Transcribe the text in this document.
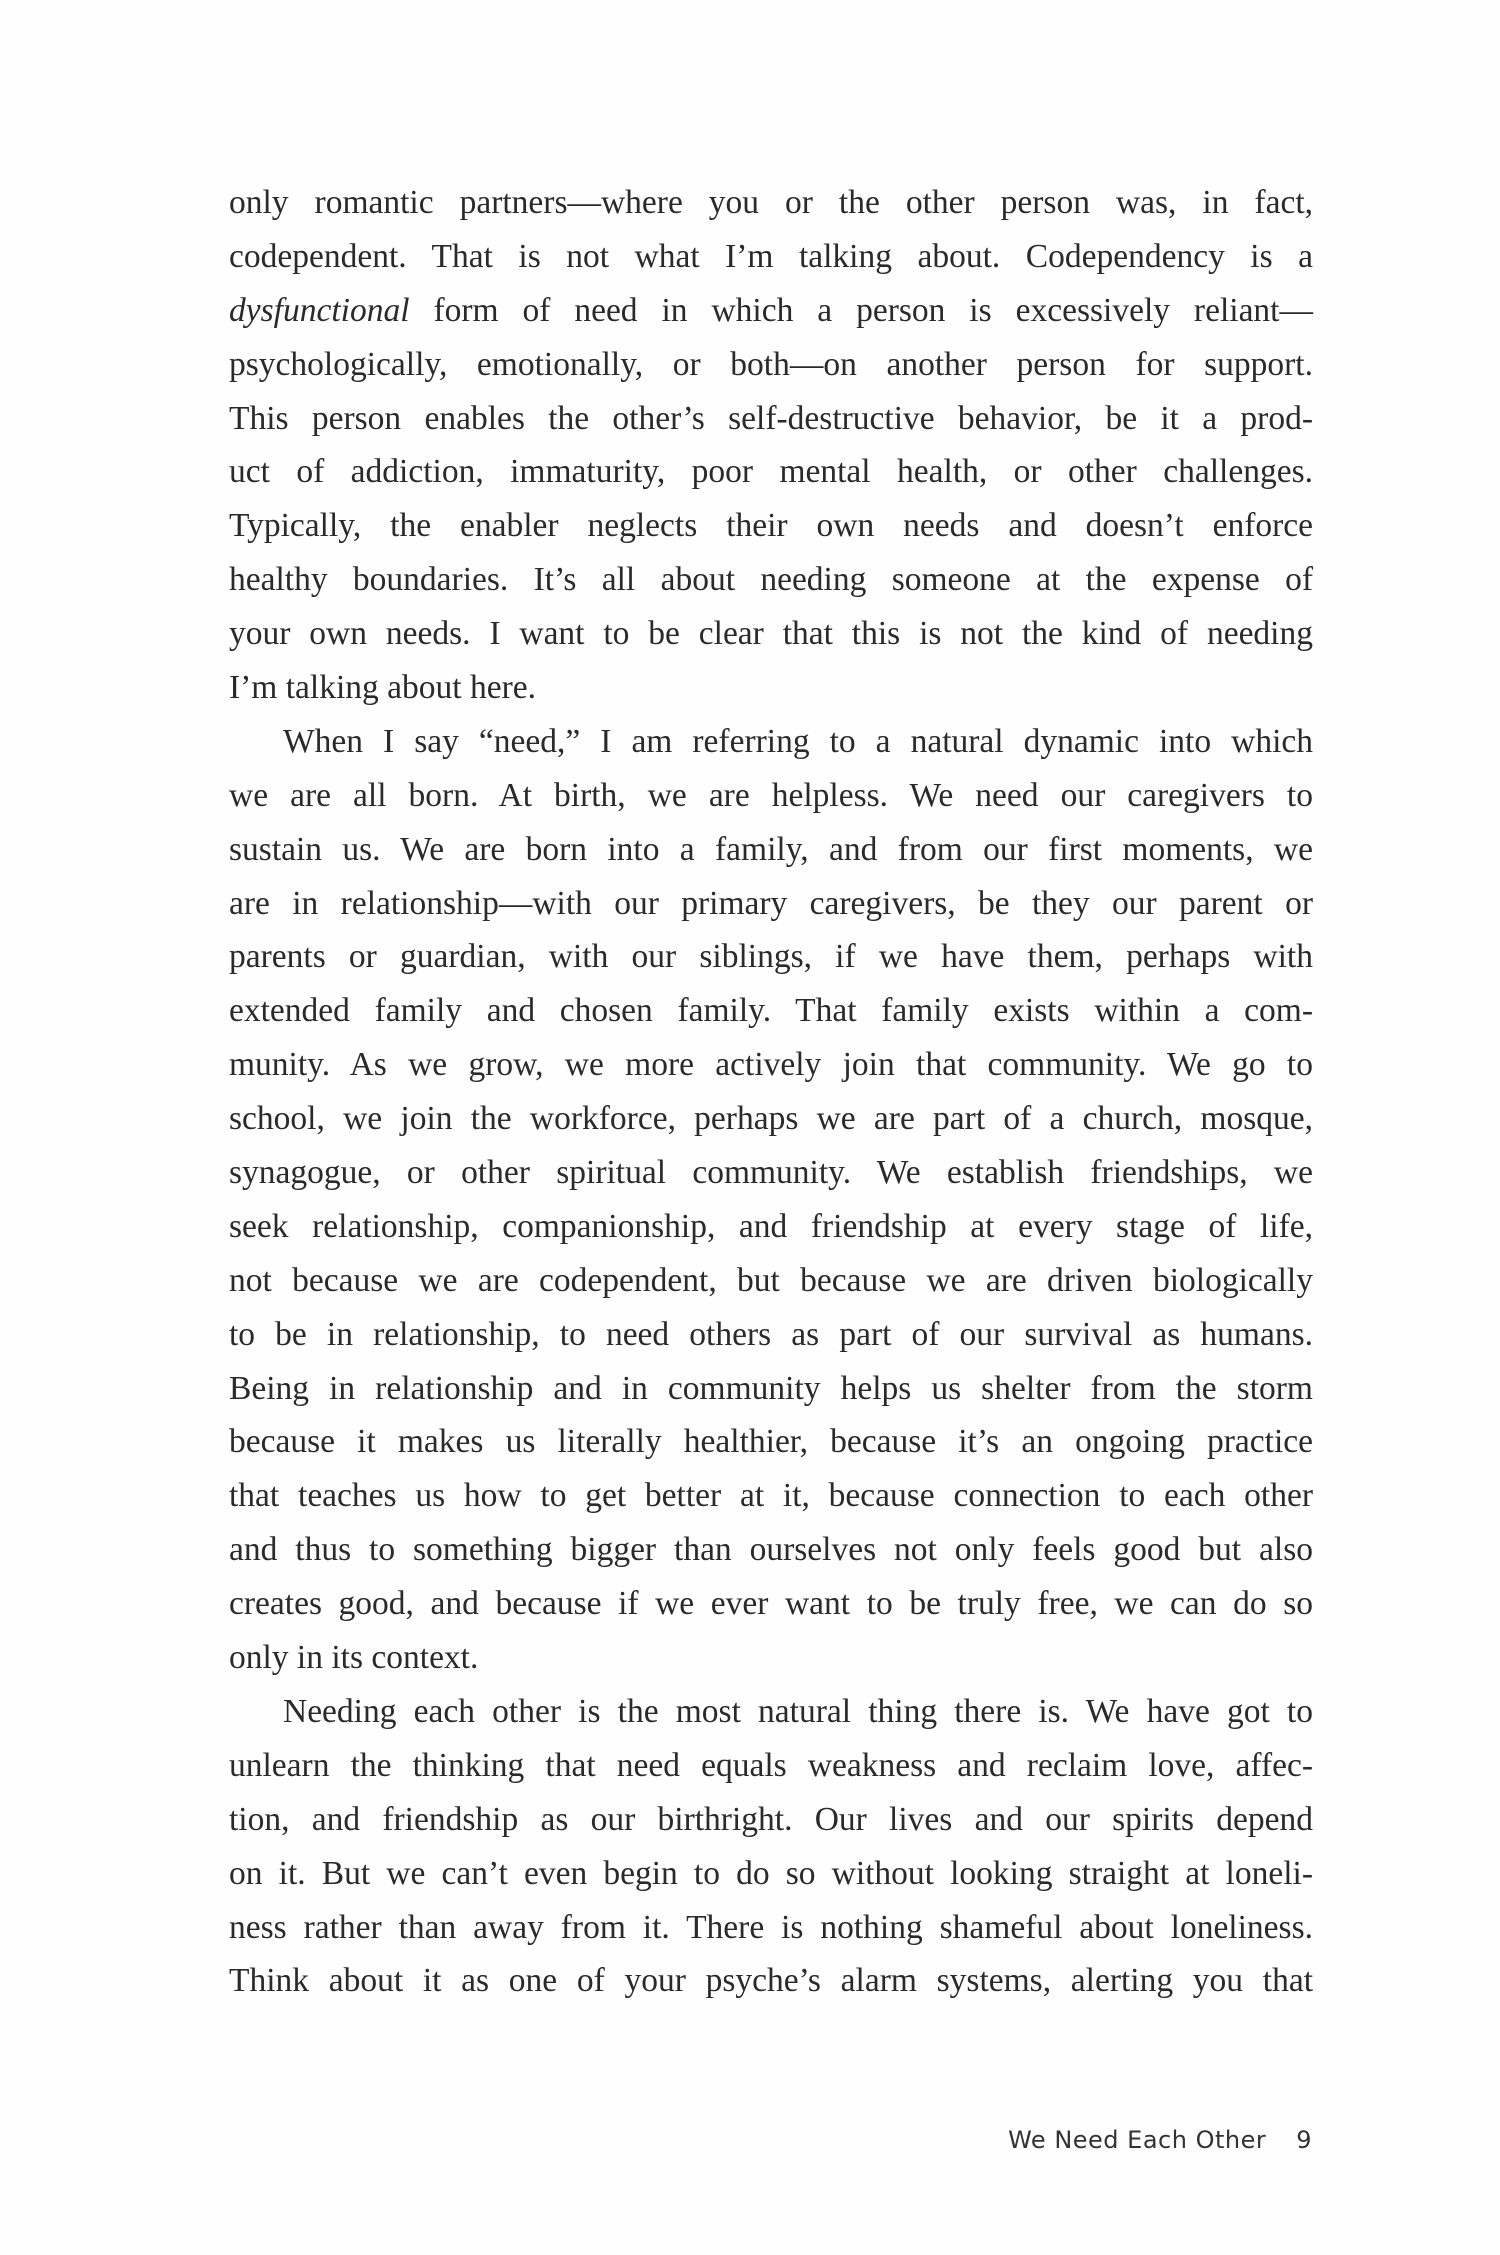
only romantic partners—where you or the other person was, in fact,
codependent. That is not what I’m talking about. Codependency is a
dysfunctional form of need in which a person is excessively reliant—
psychologically, emotionally, or both—on another person for support.
This person enables the other’s self-destructive behavior, be it a prod-
uct of addiction, immaturity, poor mental health, or other challenges.
Typically, the enabler neglects their own needs and doesn’t enforce
healthy boundaries. It’s all about needing someone at the expense of
your own needs. I want to be clear that this is not the kind of needing
I’m talking about here.
When I say “need,” I am referring to a natural dynamic into which
we are all born. At birth, we are helpless. We need our caregivers to
sustain us. We are born into a family, and from our first moments, we
are in relationship—with our primary caregivers, be they our parent or
parents or guardian, with our siblings, if we have them, perhaps with
extended family and chosen family. That family exists within a com-
munity. As we grow, we more actively join that community. We go to
school, we join the workforce, perhaps we are part of a church, mosque,
synagogue, or other spiritual community. We establish friendships, we
seek relationship, companionship, and friendship at every stage of life,
not because we are codependent, but because we are driven biologically
to be in relationship, to need others as part of our survival as humans.
Being in relationship and in community helps us shelter from the storm
because it makes us literally healthier, because it’s an ongoing practice
that teaches us how to get better at it, because connection to each other
and thus to something bigger than ourselves not only feels good but also
creates good, and because if we ever want to be truly free, we can do so
only in its context.
Needing each other is the most natural thing there is. We have got to
unlearn the thinking that need equals weakness and reclaim love, affec-
tion, and friendship as our birthright. Our lives and our spirits depend
on it. But we can’t even begin to do so without looking straight at loneli-
ness rather than away from it. There is nothing shameful about loneliness.
Think about it as one of your psyche’s alarm systems, alerting you that
We Need Each Other 9
